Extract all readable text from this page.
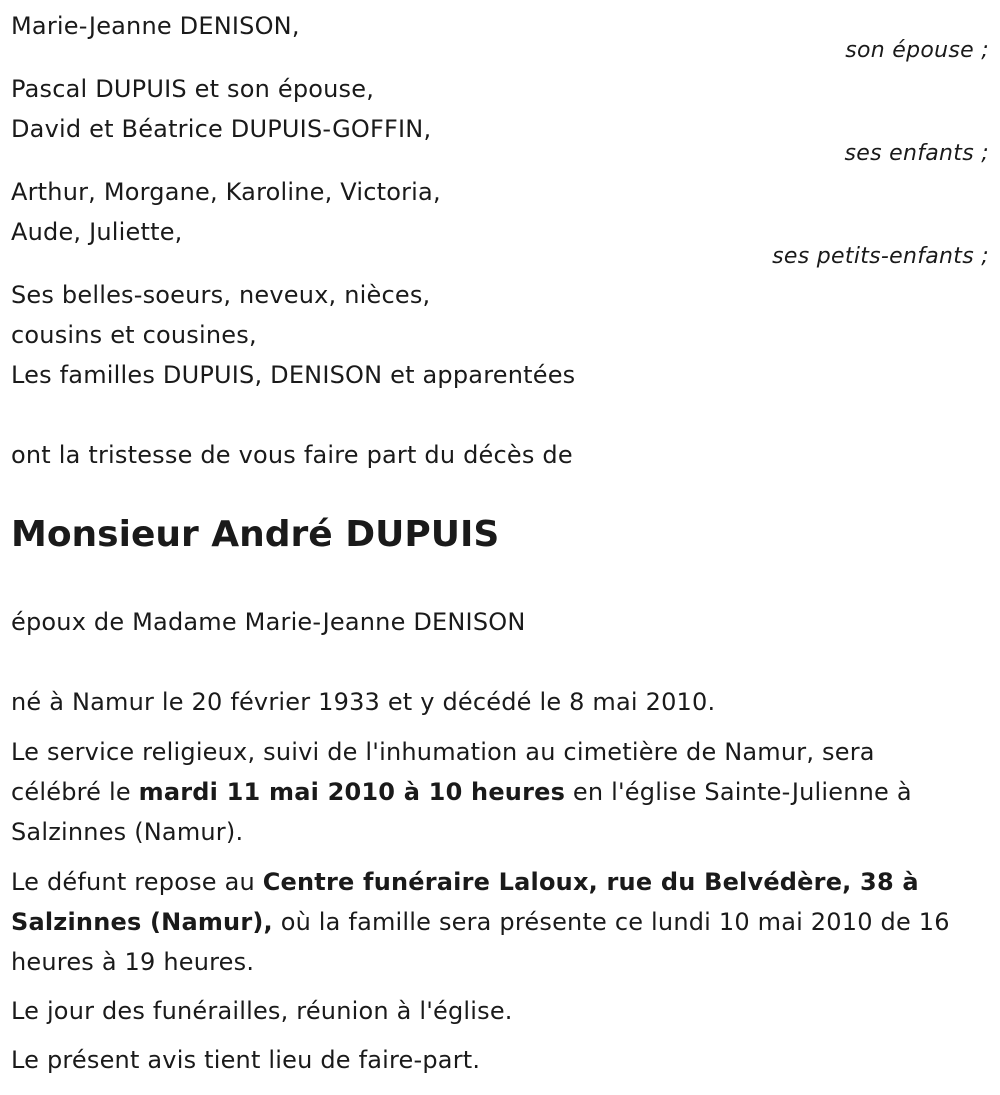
Marie-Jeanne DENISON,
son épouse ;
Pascal DUPUIS et son épouse,
David et Béatrice DUPUIS-GOFFIN,
ses enfants ;
Arthur, Morgane, Karoline, Victoria,
Aude, Juliette,
ses petits-enfants ;
Ses belles-soeurs, neveux, nièces,
cousins et cousines,
Les familles DUPUIS, DENISON et apparentées
ont la tristesse de vous faire part du décès de
Monsieur André DUPUIS
époux de Madame Marie-Jeanne DENISON
né à Namur le 20 février 1933 et y décédé le 8 mai 2010.
Le service religieux, suivi de l'inhumation au cimetière de Namur, sera célébré le mardi 11 mai 2010 à 10 heures en l'église Sainte-Julienne à Salzinnes (Namur).
Le défunt repose au Centre funéraire Laloux, rue du Belvédère, 38 à Salzinnes (Namur), où la famille sera présente ce lundi 10 mai 2010 de 16 heures à 19 heures.
Le jour des funérailles, réunion à l'église.
Le présent avis tient lieu de faire-part.
